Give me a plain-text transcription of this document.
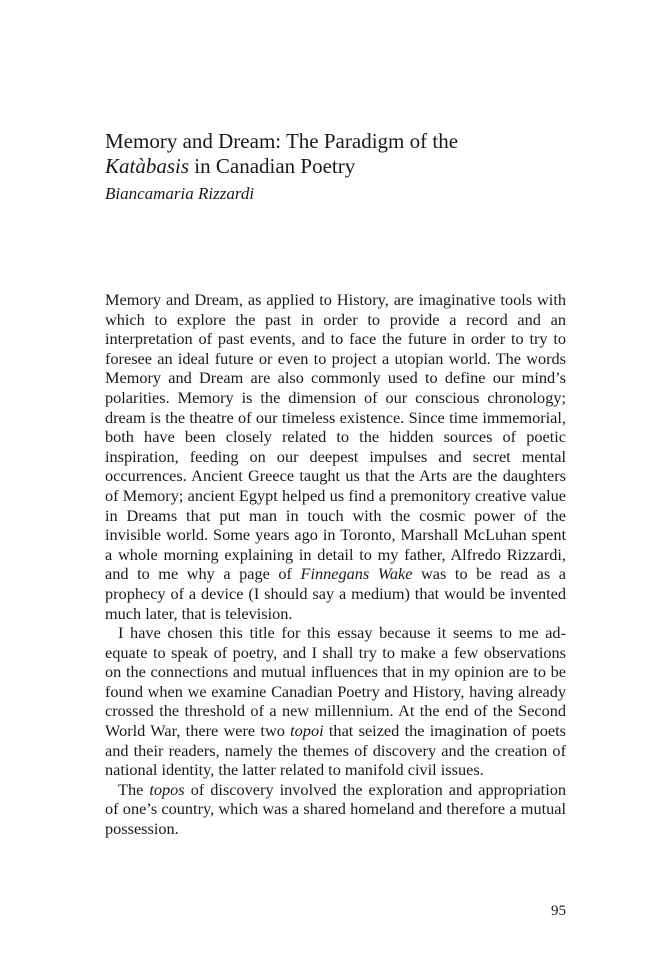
Memory and Dream: The Paradigm of the
Katàbasis in Canadian Poetry
Biancamaria Rizzardi

Memory and Dream, as applied to History, are imaginative tools with which to explore the past in order to provide a record and an interpretation of past events, and to face the future in order to try to foresee an ideal future or even to project a utopian world. The words Memory and Dream are also commonly used to define our mind’s polarities. Memory is the dimension of our conscious chronology; dream is the theatre of our timeless existence. Since time immemorial, both have been closely related to the hidden sources of poetic inspiration, feeding on our deepest impulses and secret mental occurrences. Ancient Greece taught us that the Arts are the daughters of Memory; ancient Egypt helped us find a premonitory creative value in Dreams that put man in touch with the cosmic power of the invisible world. Some years ago in Toronto, Marshall McLuhan spent a whole morning explaining in detail to my father, Alfredo Rizzardi, and to me why a page of Finnegans Wake was to be read as a prophecy of a device (I should say a medium) that would be invented much later, that is television.

I have chosen this title for this essay because it seems to me adequate to speak of poetry, and I shall try to make a few observations on the connections and mutual influences that in my opinion are to be found when we examine Canadian Poetry and History, having already crossed the threshold of a new millennium. At the end of the Second World War, there were two topoi that seized the imagination of poets and their readers, namely the themes of discovery and the creation of national identity, the latter related to manifold civil issues.

The topos of discovery involved the exploration and appropriation of one’s country, which was a shared homeland and therefore a mutual possession.

95
